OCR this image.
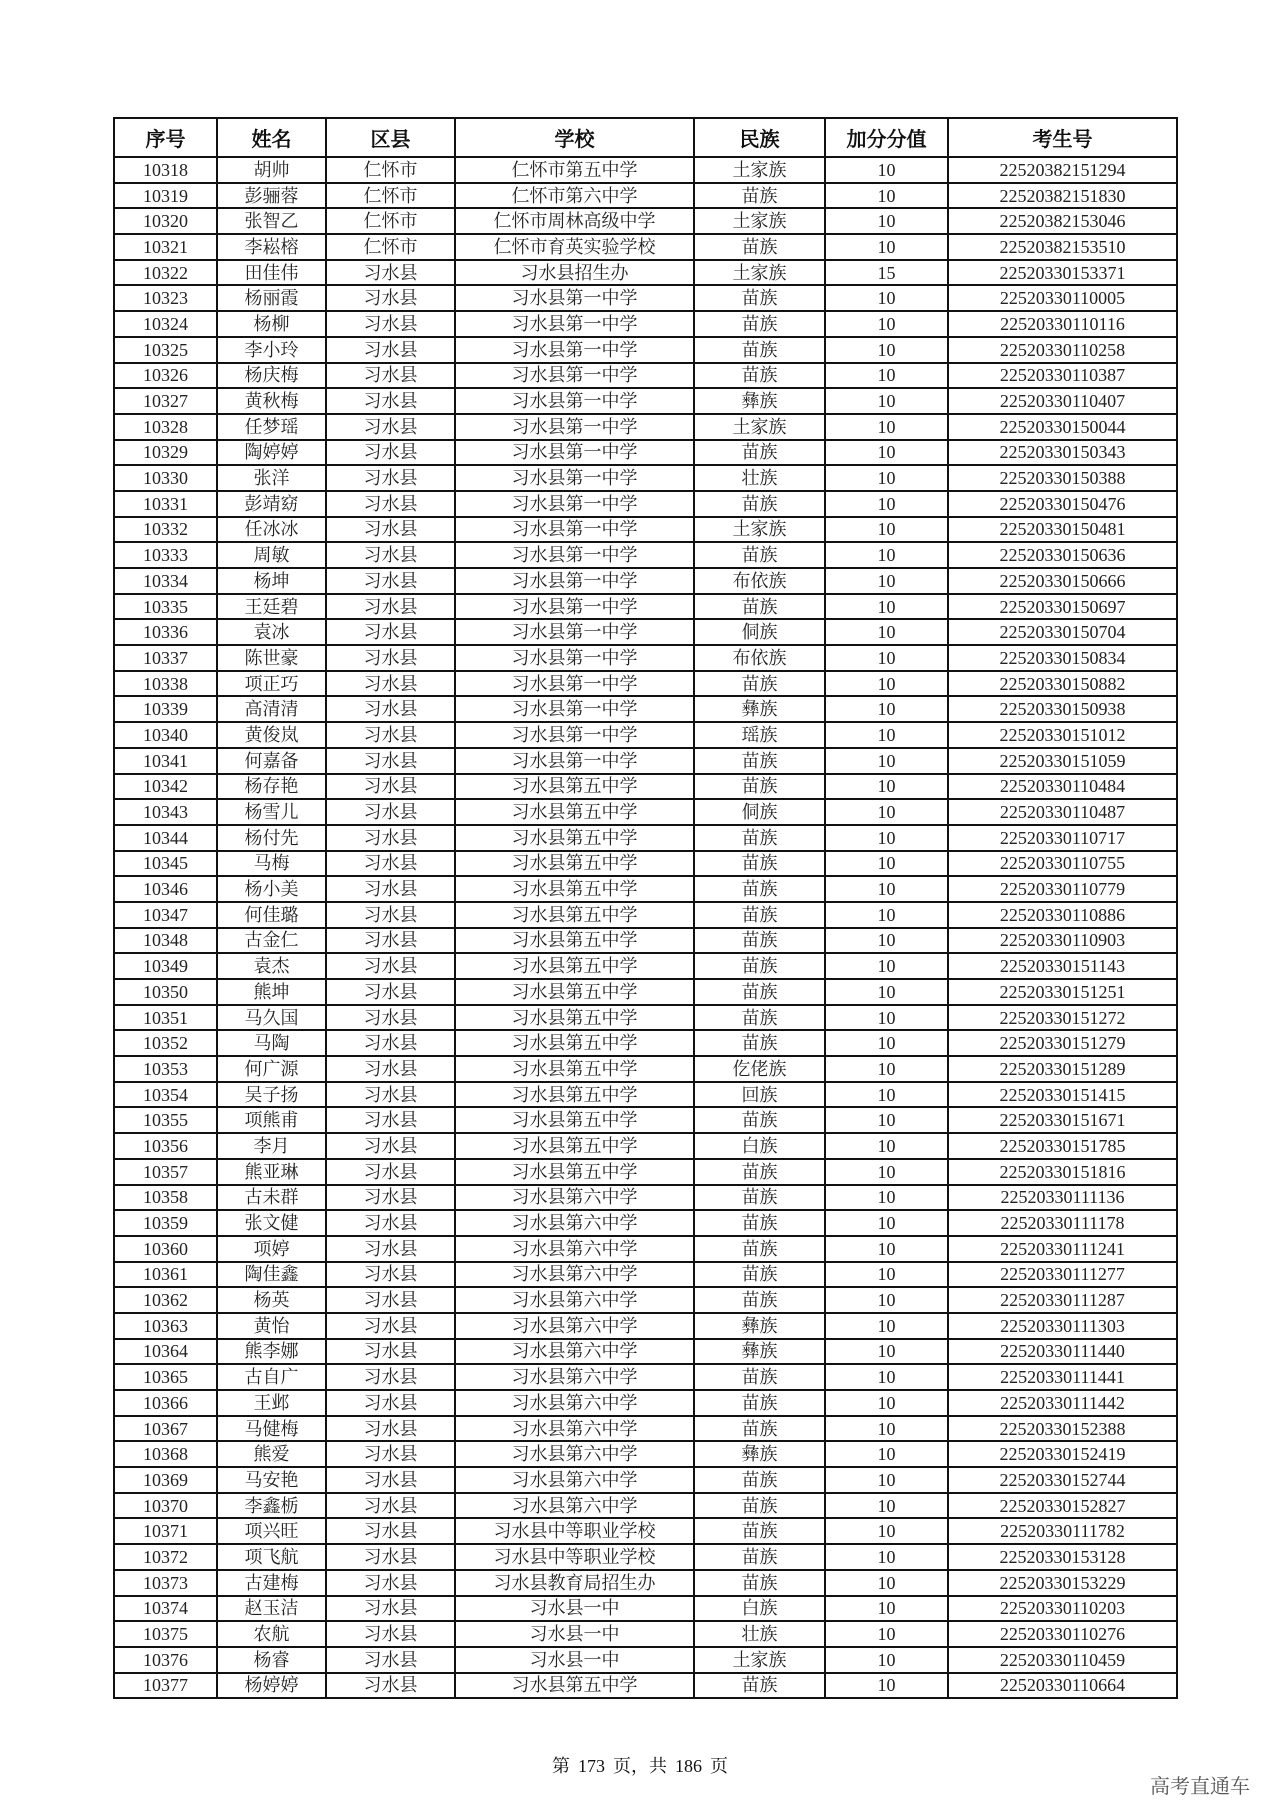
序号	姓名	区县	学校	民族	加分分值	考生号
10318	胡帅	仁怀市	仁怀市第五中学	土家族	10	22520382151294
10319	彭骊蓉	仁怀市	仁怀市第六中学	苗族	10	22520382151830
10320	张智乙	仁怀市	仁怀市周林高级中学	土家族	10	22520382153046
10321	李崧榕	仁怀市	仁怀市育英实验学校	苗族	10	22520382153510
10322	田佳伟	习水县	习水县招生办	土家族	15	22520330153371
10323	杨丽霞	习水县	习水县第一中学	苗族	10	22520330110005
10324	杨柳	习水县	习水县第一中学	苗族	10	22520330110116
10325	李小玲	习水县	习水县第一中学	苗族	10	22520330110258
10326	杨庆梅	习水县	习水县第一中学	苗族	10	22520330110387
10327	黄秋梅	习水县	习水县第一中学	彝族	10	22520330110407
10328	任梦瑶	习水县	习水县第一中学	土家族	10	22520330150044
10329	陶婷婷	习水县	习水县第一中学	苗族	10	22520330150343
10330	张洋	习水县	习水县第一中学	壮族	10	22520330150388
10331	彭靖窈	习水县	习水县第一中学	苗族	10	22520330150476
10332	任冰冰	习水县	习水县第一中学	土家族	10	22520330150481
10333	周敏	习水县	习水县第一中学	苗族	10	22520330150636
10334	杨坤	习水县	习水县第一中学	布依族	10	22520330150666
10335	王廷碧	习水县	习水县第一中学	苗族	10	22520330150697
10336	袁冰	习水县	习水县第一中学	侗族	10	22520330150704
10337	陈世豪	习水县	习水县第一中学	布依族	10	22520330150834
10338	项正巧	习水县	习水县第一中学	苗族	10	22520330150882
10339	高清清	习水县	习水县第一中学	彝族	10	22520330150938
10340	黄俊岚	习水县	习水县第一中学	瑶族	10	22520330151012
10341	何嘉备	习水县	习水县第一中学	苗族	10	22520330151059
10342	杨存艳	习水县	习水县第五中学	苗族	10	22520330110484
10343	杨雪儿	习水县	习水县第五中学	侗族	10	22520330110487
10344	杨付先	习水县	习水县第五中学	苗族	10	22520330110717
10345	马梅	习水县	习水县第五中学	苗族	10	22520330110755
10346	杨小美	习水县	习水县第五中学	苗族	10	22520330110779
10347	何佳璐	习水县	习水县第五中学	苗族	10	22520330110886
10348	古金仁	习水县	习水县第五中学	苗族	10	22520330110903
10349	袁杰	习水县	习水县第五中学	苗族	10	22520330151143
10350	熊坤	习水县	习水县第五中学	苗族	10	22520330151251
10351	马久国	习水县	习水县第五中学	苗族	10	22520330151272
10352	马陶	习水县	习水县第五中学	苗族	10	22520330151279
10353	何广源	习水县	习水县第五中学	仡佬族	10	22520330151289
10354	吴子扬	习水县	习水县第五中学	回族	10	22520330151415
10355	项熊甫	习水县	习水县第五中学	苗族	10	22520330151671
10356	李月	习水县	习水县第五中学	白族	10	22520330151785
10357	熊亚琳	习水县	习水县第五中学	苗族	10	22520330151816
10358	古未群	习水县	习水县第六中学	苗族	10	22520330111136
10359	张文健	习水县	习水县第六中学	苗族	10	22520330111178
10360	项婷	习水县	习水县第六中学	苗族	10	22520330111241
10361	陶佳鑫	习水县	习水县第六中学	苗族	10	22520330111277
10362	杨英	习水县	习水县第六中学	苗族	10	22520330111287
10363	黄怡	习水县	习水县第六中学	彝族	10	22520330111303
10364	熊李娜	习水县	习水县第六中学	彝族	10	22520330111440
10365	古自广	习水县	习水县第六中学	苗族	10	22520330111441
10366	王邺	习水县	习水县第六中学	苗族	10	22520330111442
10367	马健梅	习水县	习水县第六中学	苗族	10	22520330152388
10368	熊爱	习水县	习水县第六中学	彝族	10	22520330152419
10369	马安艳	习水县	习水县第六中学	苗族	10	22520330152744
10370	李鑫栃	习水县	习水县第六中学	苗族	10	22520330152827
10371	项兴旺	习水县	习水县中等职业学校	苗族	10	22520330111782
10372	项飞航	习水县	习水县中等职业学校	苗族	10	22520330153128
10373	古建梅	习水县	习水县教育局招生办	苗族	10	22520330153229
10374	赵玉洁	习水县	习水县一中	白族	10	22520330110203
10375	农航	习水县	习水县一中	壮族	10	22520330110276
10376	杨睿	习水县	习水县一中	土家族	10	22520330110459
10377	杨婷婷	习水县	习水县第五中学	苗族	10	22520330110664
第 173 页，共 186 页
高考直通车
